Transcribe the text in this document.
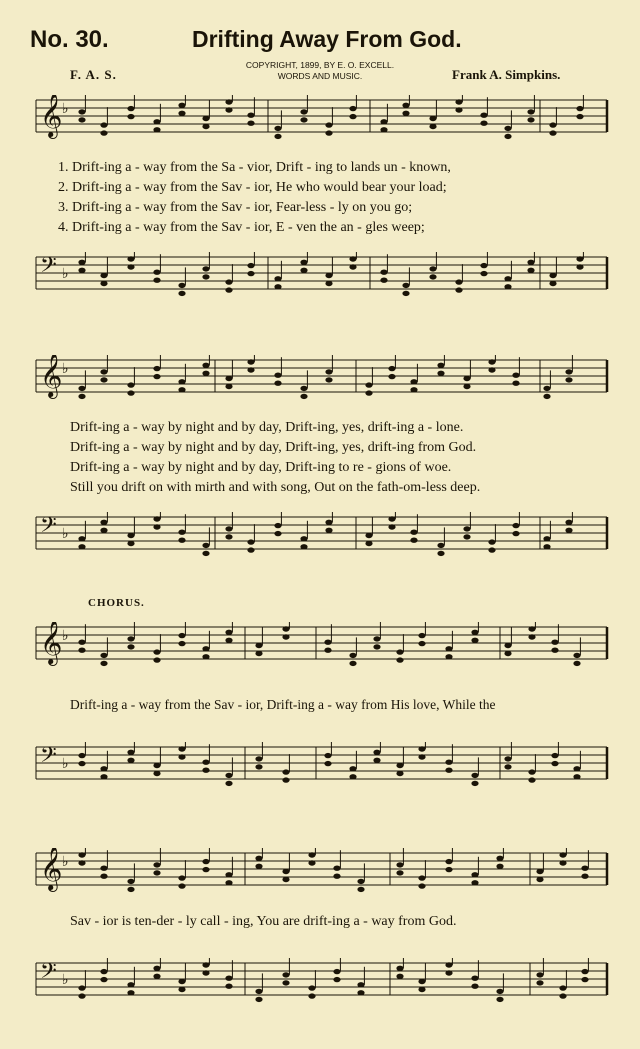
No. 30.	Drifting Away From God.
F. A. S.
COPYRIGHT, 1899, BY E. O. EXCELL.
WORDS AND MUSIC.	Frank A. Simpkins.
𝄞 ♭
𝄢 ♭
1. Drift-ing a - way from the Sa - vior, Drift - ing to lands un - known,
2. Drift-ing a - way from the Sav - ior, He who would bear your load;
3. Drift-ing a - way from the Sav - ior, Fear-less - ly on you go;
4. Drift-ing a - way from the Sav - ior, E - ven the an - gles weep;
𝄞 ♭
𝄢 ♭
Drift-ing a - way by night and by day, Drift-ing, yes, drift-ing a - lone.
Drift-ing a - way by night and by day, Drift-ing, yes, drift-ing from God.
Drift-ing a - way by night and by day, Drift-ing to re - gions of woe.
Still you drift on with mirth and with song, Out on the fath-om-less deep.
CHORUS.
𝄞 ♭
Drift-ing a - way from the Sav - ior, Drift-ing a - way from His love, While the
𝄢 ♭
𝄞 ♭
Sav - ior is ten-der - ly call - ing, You are drift-ing a - way from God.
𝄢 ♭
